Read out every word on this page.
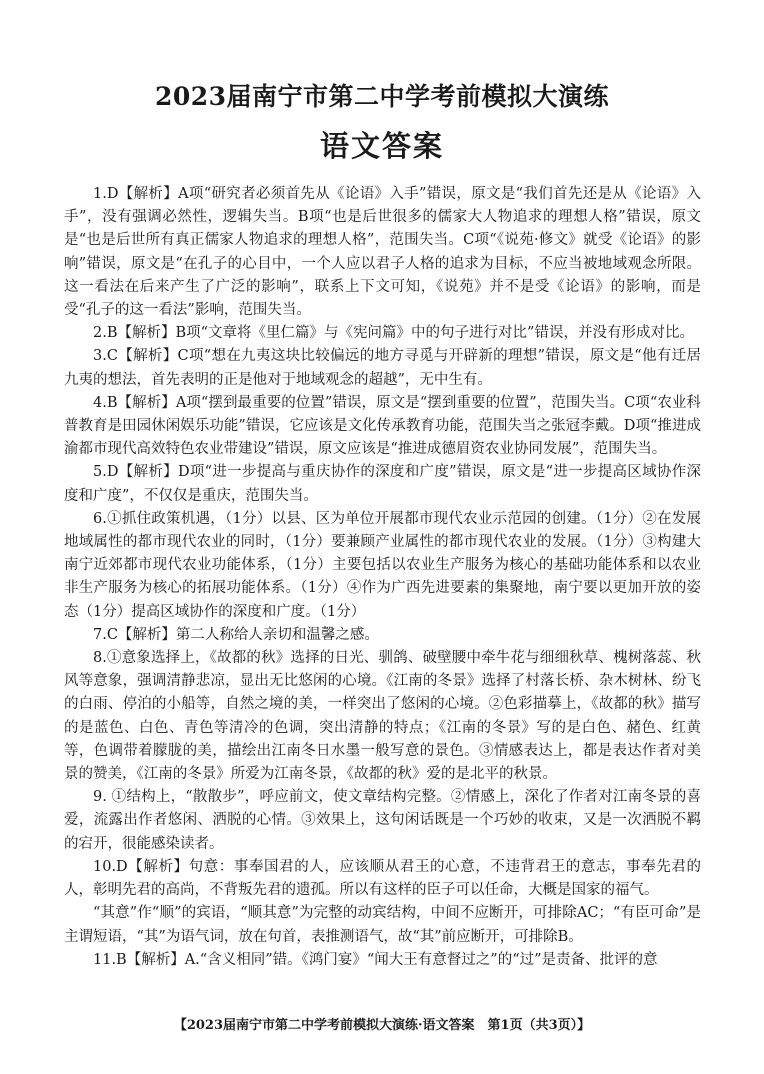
2023届南宁市第二中学考前模拟大演练
语文答案

1.D【解析】A项“研究者必须首先从《论语》入手”错误，原文是“我们首先还是从《论语》入手”，没有强调必然性，逻辑失当。B项“也是后世很多的儒家大人物追求的理想人格”错误，原文是“也是后世所有真正儒家人物追求的理想人格”，范围失当。C项“《说苑·修文》就受《论语》的影响”错误，原文是“在孔子的心目中，一个人应以君子人格的追求为目标，不应当被地域观念所限。这一看法在后来产生了广泛的影响”，联系上下文可知，《说苑》并不是受《论语》的影响，而是受“孔子的这一看法”影响，范围失当。

2.B【解析】B项“文章将《里仁篇》与《宪问篇》中的句子进行对比”错误，并没有形成对比。

3.C【解析】C项“想在九夷这块比较偏远的地方寻觅与开辟新的理想”错误，原文是“他有迁居九夷的想法，首先表明的正是他对于地域观念的超越”，无中生有。

4.B【解析】A项“摆到最重要的位置”错误，原文是“摆到重要的位置”，范围失当。C项“农业科普教育是田园休闲娱乐功能”错误，它应该是文化传承教育功能，范围失当之张冠李戴。D项“推进成渝都市现代高效特色农业带建设”错误，原文应该是“推进成德眉资农业协同发展”，范围失当。

5.D【解析】D项“进一步提高与重庆协作的深度和广度”错误，原文是“进一步提高区域协作深度和广度”，不仅仅是重庆，范围失当。

6.①抓住政策机遇，（1分）以县、区为单位开展都市现代农业示范园的创建。（1分）②在发展地域属性的都市现代农业的同时，（1分）要兼顾产业属性的都市现代农业的发展。（1分）③构建大南宁近郊都市现代农业功能体系，（1分）主要包括以农业生产服务为核心的基础功能体系和以农业非生产服务为核心的拓展功能体系。（1分）④作为广西先进要素的集聚地，南宁要以更加开放的姿态（1分）提高区域协作的深度和广度。（1分）

7.C【解析】第二人称给人亲切和温馨之感。

8.①意象选择上，《故都的秋》选择的日光、驯鸽、破壁腰中牵牛花与细细秋草、槐树落蕊、秋风等意象，强调清静悲凉，显出无比悠闲的心境。《江南的冬景》选择了村落长桥、杂木树林、纷飞的白雨、停泊的小船等，自然之境的美，一样突出了悠闲的心境。②色彩描摹上，《故都的秋》描写的是蓝色、白色、青色等清冷的色调，突出清静的特点；《江南的冬景》写的是白色、赭色、红黄等，色调带着朦胧的美，描绘出江南冬日水墨一般写意的景色。③情感表达上，都是表达作者对美景的赞美，《江南的冬景》所爱为江南冬景，《故都的秋》爱的是北平的秋景。

9. ①结构上，“散散步”，呼应前文，使文章结构完整。②情感上，深化了作者对江南冬景的喜爱，流露出作者悠闲、洒脱的心情。③效果上，这句闲话既是一个巧妙的收束，又是一次洒脱不羁的宕开，很能感染读者。

10.D【解析】句意：事奉国君的人，应该顺从君王的心意，不违背君王的意志，事奉先君的人，彰明先君的高尚，不背叛先君的遗孤。所以有这样的臣子可以任命，大概是国家的福气。

“其意”作“顺”的宾语，“顺其意”为完整的动宾结构，中间不应断开，可排除AC；“有臣可命”是主谓短语，“其”为语气词，放在句首，表推测语气，故“其”前应断开，可排除B。

11.B【解析】A.“含义相同”错。《鸿门宴》“闻大王有意督过之”的“过”是责备、批评的意

【2023届南宁市第二中学考前模拟大演练·语文答案　第1页（共3页）】
